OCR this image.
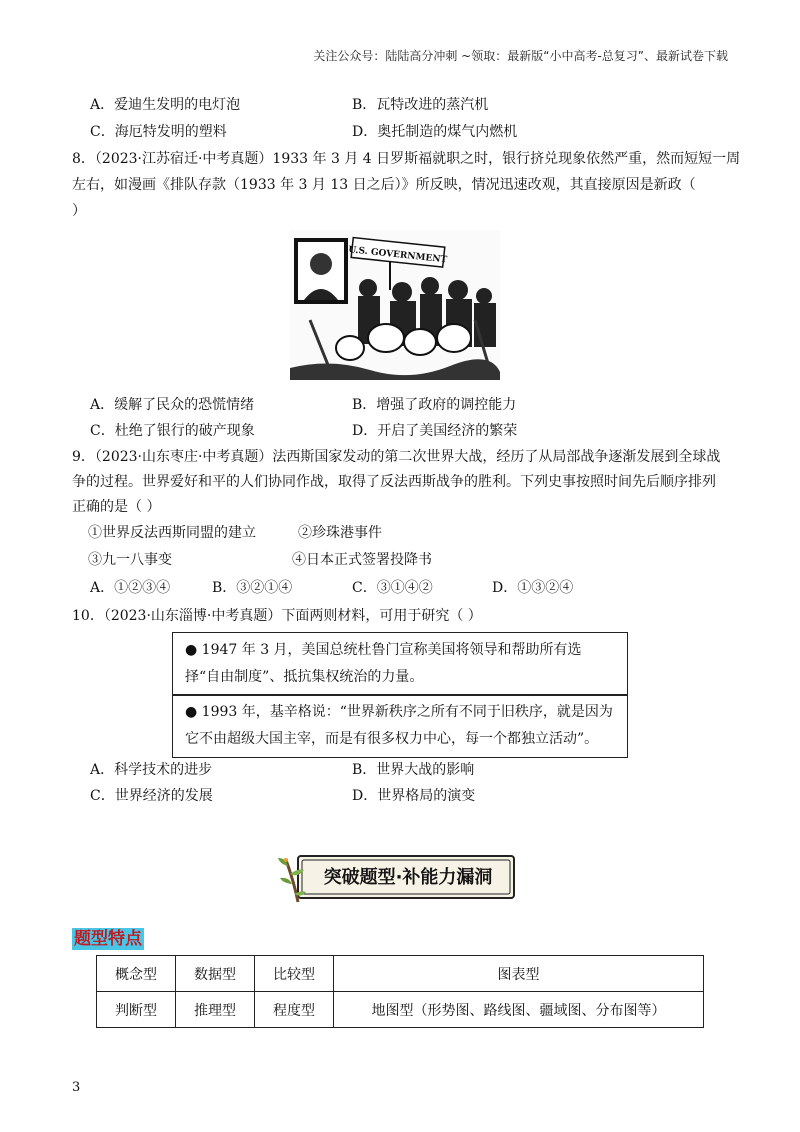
关注公众号：陆陆高分冲刺 ~领取：最新版“小中高考-总复习”、最新试卷下载
A．爱迪生发明的电灯泡	B．瓦特改进的蒸汽机
C．海厄特发明的塑料	D．奥托制造的煤气内燃机
8．（2023·江苏宿迁·中考真题）1933 年 3 月 4 日罗斯福就职之时，银行挤兑现象依然严重，然而短短一周
左右，如漫画《排队存款（1933 年 3 月 13 日之后）》所反映，情况迅速改观，其直接原因是新政（
）
U.S. GOVERNMENT
A．缓解了民众的恐慌情绪	B．增强了政府的调控能力
C．杜绝了银行的破产现象	D．开启了美国经济的繁荣
9．（2023·山东枣庄·中考真题）法西斯国家发动的第二次世界大战，经历了从局部战争逐渐发展到全球战
争的过程。世界爱好和平的人们协同作战，取得了反法西斯战争的胜利。下列史事按照时间先后顺序排列
正确的是（ ）
①世界反法西斯同盟的建立	②珍珠港事件
③九一八事变	④日本正式签署投降书
A．①②③④	B．③②①④	C．③①④②	D．①③②④
10．（2023·山东淄博·中考真题）下面两则材料，可用于研究（ ）
● 1947 年 3 月，美国总统杜鲁门宣称美国将领导和帮助所有选择“自由制度”、抵抗集权统治的力量。
● 1993 年，基辛格说：“世界新秩序之所有不同于旧秩序，就是因为它不由超级大国主宰，而是有很多权力中心，每一个都独立活动”。
A．科学技术的进步	B．世界大战的影响
C．世界经济的发展	D．世界格局的演变
突破题型·补能力漏洞
题型特点
概念型	数据型	比较型	图表型
判断型	推理型	程度型	地图型（形势图、路线图、疆域图、分布图等）
3
